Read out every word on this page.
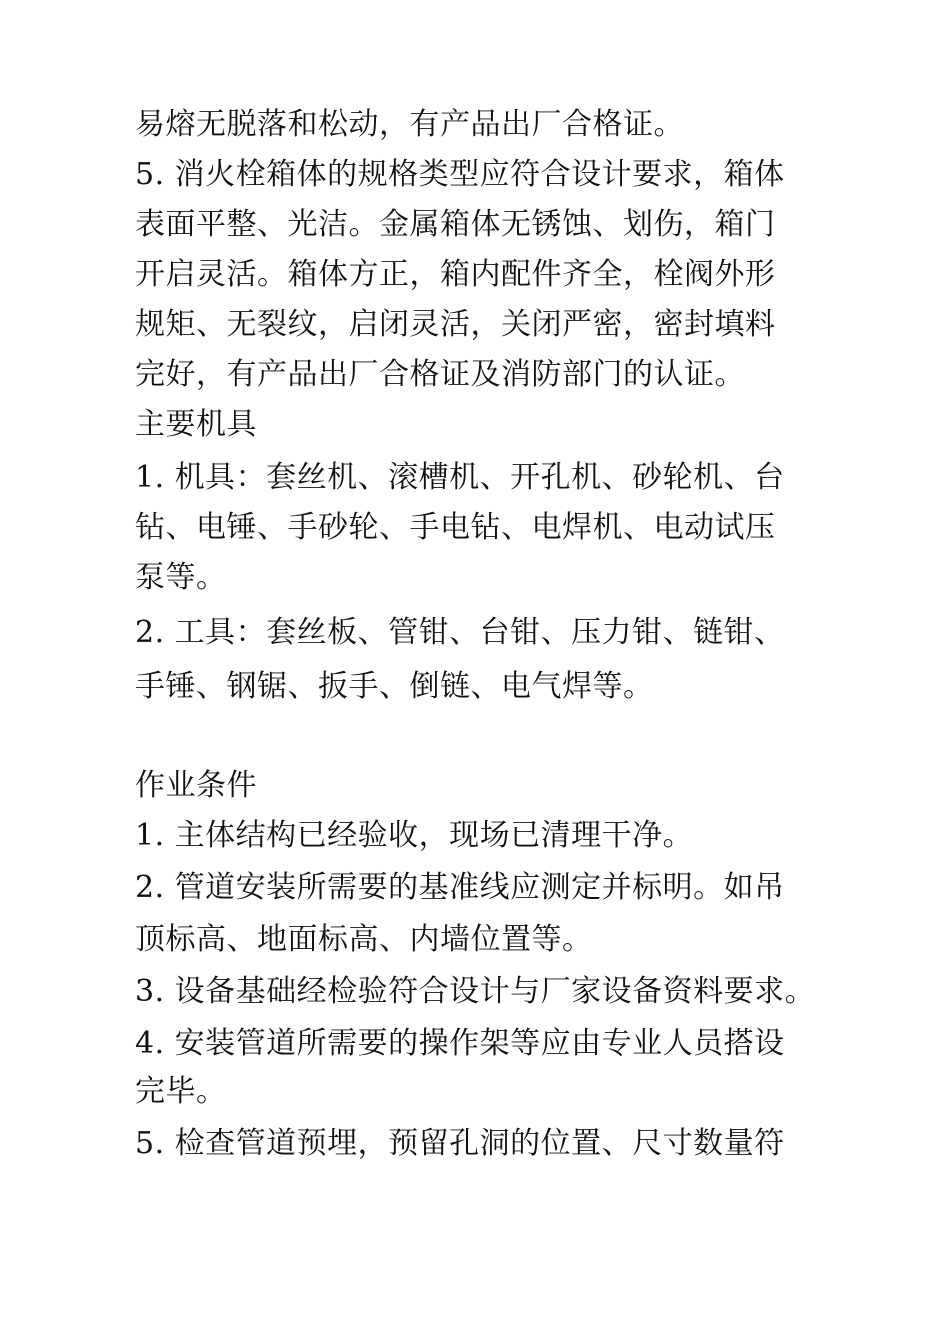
易熔无脱落和松动，有产品出厂合格证。
5. 消火栓箱体的规格类型应符合设计要求，箱体
表面平整、光洁。金属箱体无锈蚀、划伤，箱门
开启灵活。箱体方正，箱内配件齐全，栓阀外形
规矩、无裂纹，启闭灵活，关闭严密，密封填料
完好，有产品出厂合格证及消防部门的认证。
主要机具
1. 机具：套丝机、滚槽机、开孔机、砂轮机、台
钻、电锤、手砂轮、手电钻、电焊机、电动试压
泵等。
2. 工具：套丝板、管钳、台钳、压力钳、链钳、
手锤、钢锯、扳手、倒链、电气焊等。
作业条件
1. 主体结构已经验收，现场已清理干净。
2. 管道安装所需要的基准线应测定并标明。如吊
顶标高、地面标高、内墙位置等。
3. 设备基础经检验符合设计与厂家设备资料要求。
4. 安装管道所需要的操作架等应由专业人员搭设
完毕。
5. 检查管道预埋，预留孔洞的位置、尺寸数量符
